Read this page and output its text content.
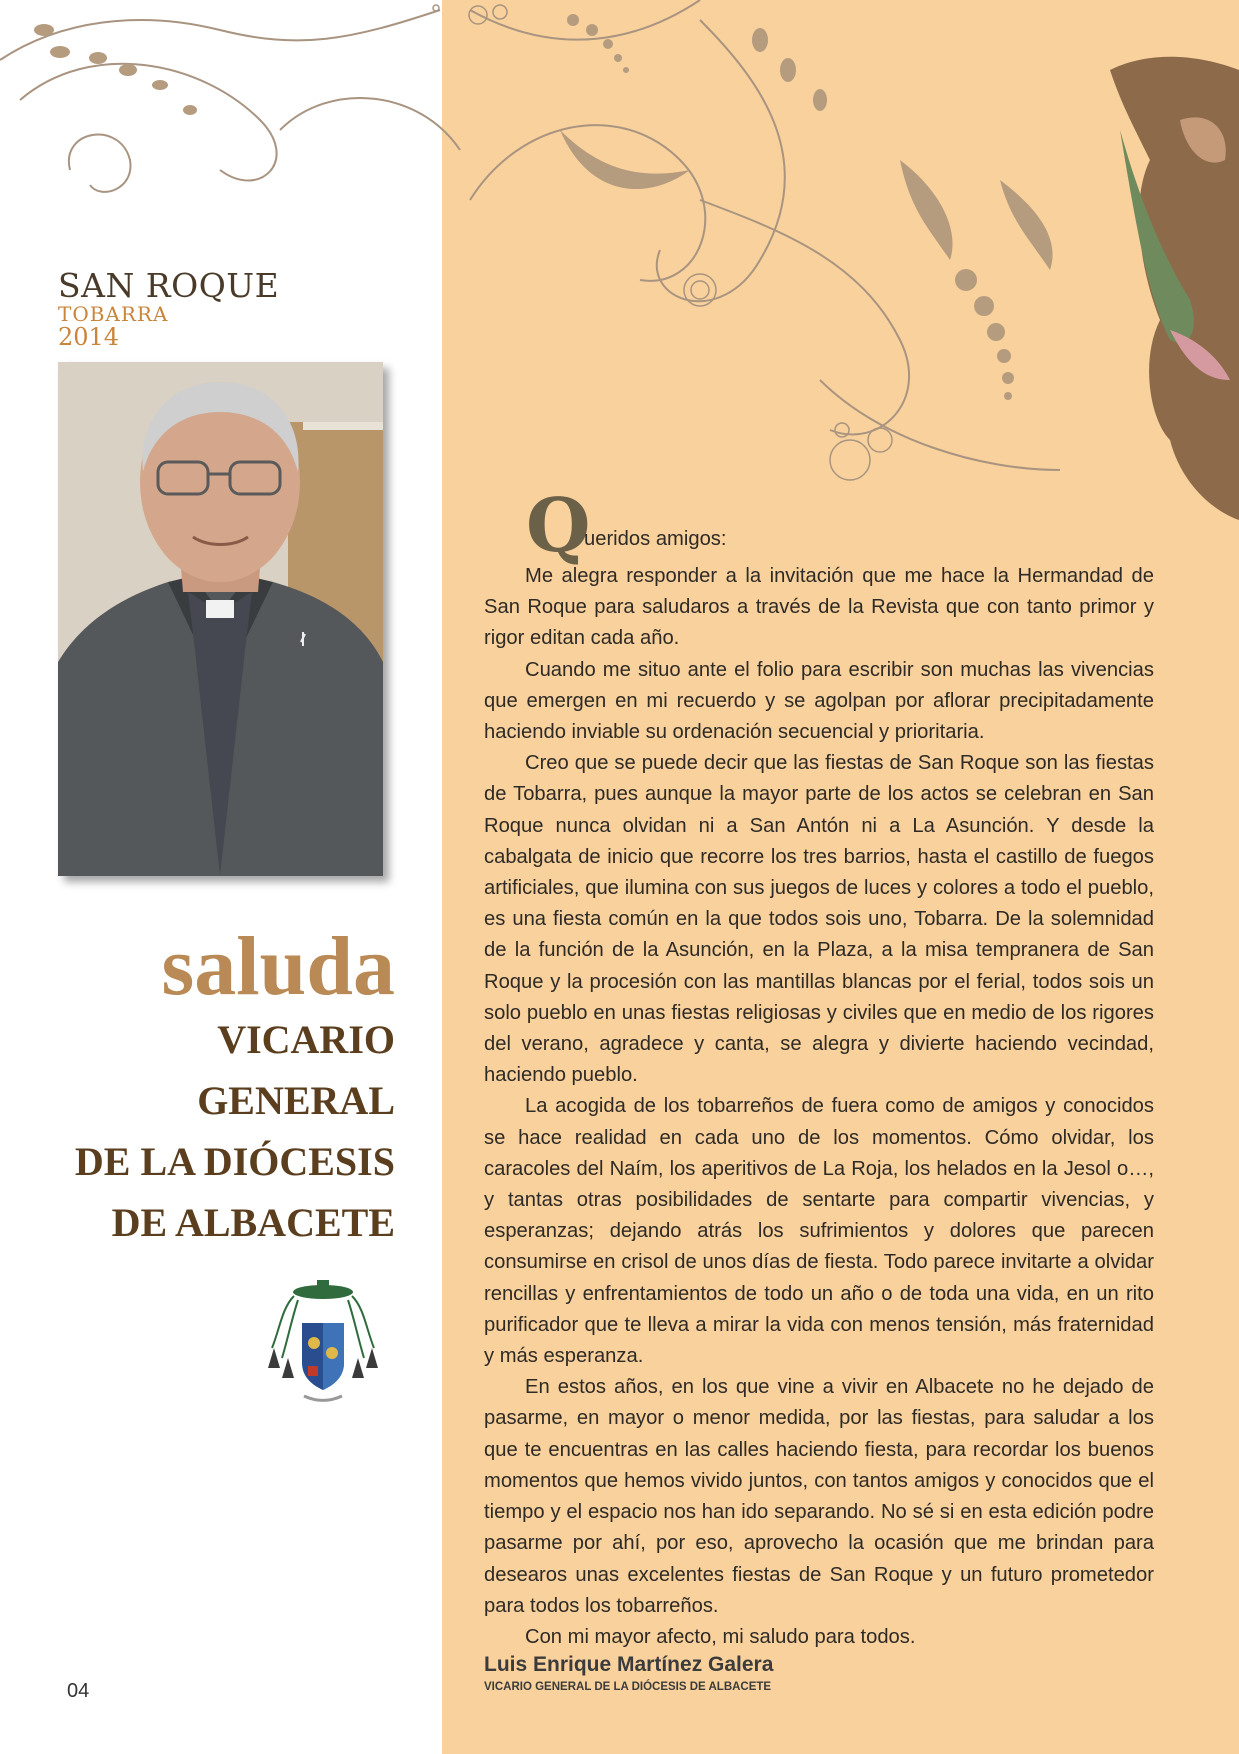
SAN ROQUE
TOBARRA
2014
saluda
VICARIO
GENERAL
DE LA DIÓCESIS
DE ALBACETE
04

Q
ueridos amigos:

Me alegra responder a la invitación que me hace la Hermandad de San Roque para saludaros a través de la Revista que con tanto primor y rigor editan cada año.

Cuando me situo ante el folio para escribir son muchas las vivencias que emergen en mi recuerdo y se agolpan por aflorar precipitadamente haciendo inviable su ordenación secuencial y prioritaria.

Creo que se puede decir que las fiestas de San Roque son las fiestas de Tobarra, pues aunque la mayor parte de los actos se celebran en San Roque nunca olvidan ni a San Antón ni a La Asunción. Y desde la cabalgata de inicio que recorre los tres barrios, hasta el castillo de fuegos artificiales, que ilumina con sus juegos de luces y colores a todo el pueblo, es una fiesta común en la que todos sois uno, Tobarra. De la solemnidad de la función de la Asunción, en la Plaza, a la misa tempranera de San Roque y la procesión con las mantillas blancas por el ferial, todos sois un solo pueblo en unas fiestas religiosas y civiles que en medio de los rigores del verano, agradece y canta, se alegra y divierte haciendo vecindad, haciendo pueblo.

La acogida de los tobarreños de fuera como de amigos y conocidos se hace realidad en cada uno de los momentos. Cómo olvidar, los caracoles del Naím, los aperitivos de La Roja, los helados en la Jesol o…, y tantas otras posibilidades de sentarte para compartir vivencias, y esperanzas; dejando atrás los sufrimientos y dolores que parecen consumirse en crisol de unos días de fiesta. Todo parece invitarte a olvidar rencillas y enfrentamientos de todo un año o de toda una vida, en un rito purificador que te lleva a mirar la vida con menos tensión, más fraternidad y más esperanza.

En estos años, en los que vine a vivir en Albacete no he dejado de pasarme, en mayor o menor medida, por las fiestas, para saludar a los que te encuentras en las calles haciendo fiesta, para recordar los buenos momentos que hemos vivido juntos, con tantos amigos y conocidos que el tiempo y el espacio nos han ido separando. No sé si en esta edición podre pasarme por ahí, por eso, aprovecho la ocasión que me brindan para desearos unas excelentes fiestas de San Roque y un futuro prometedor para todos los tobarreños.

Con mi mayor afecto, mi saludo para todos.

Luis Enrique Martínez Galera
VICARIO GENERAL DE LA DIÓCESIS DE ALBACETE
